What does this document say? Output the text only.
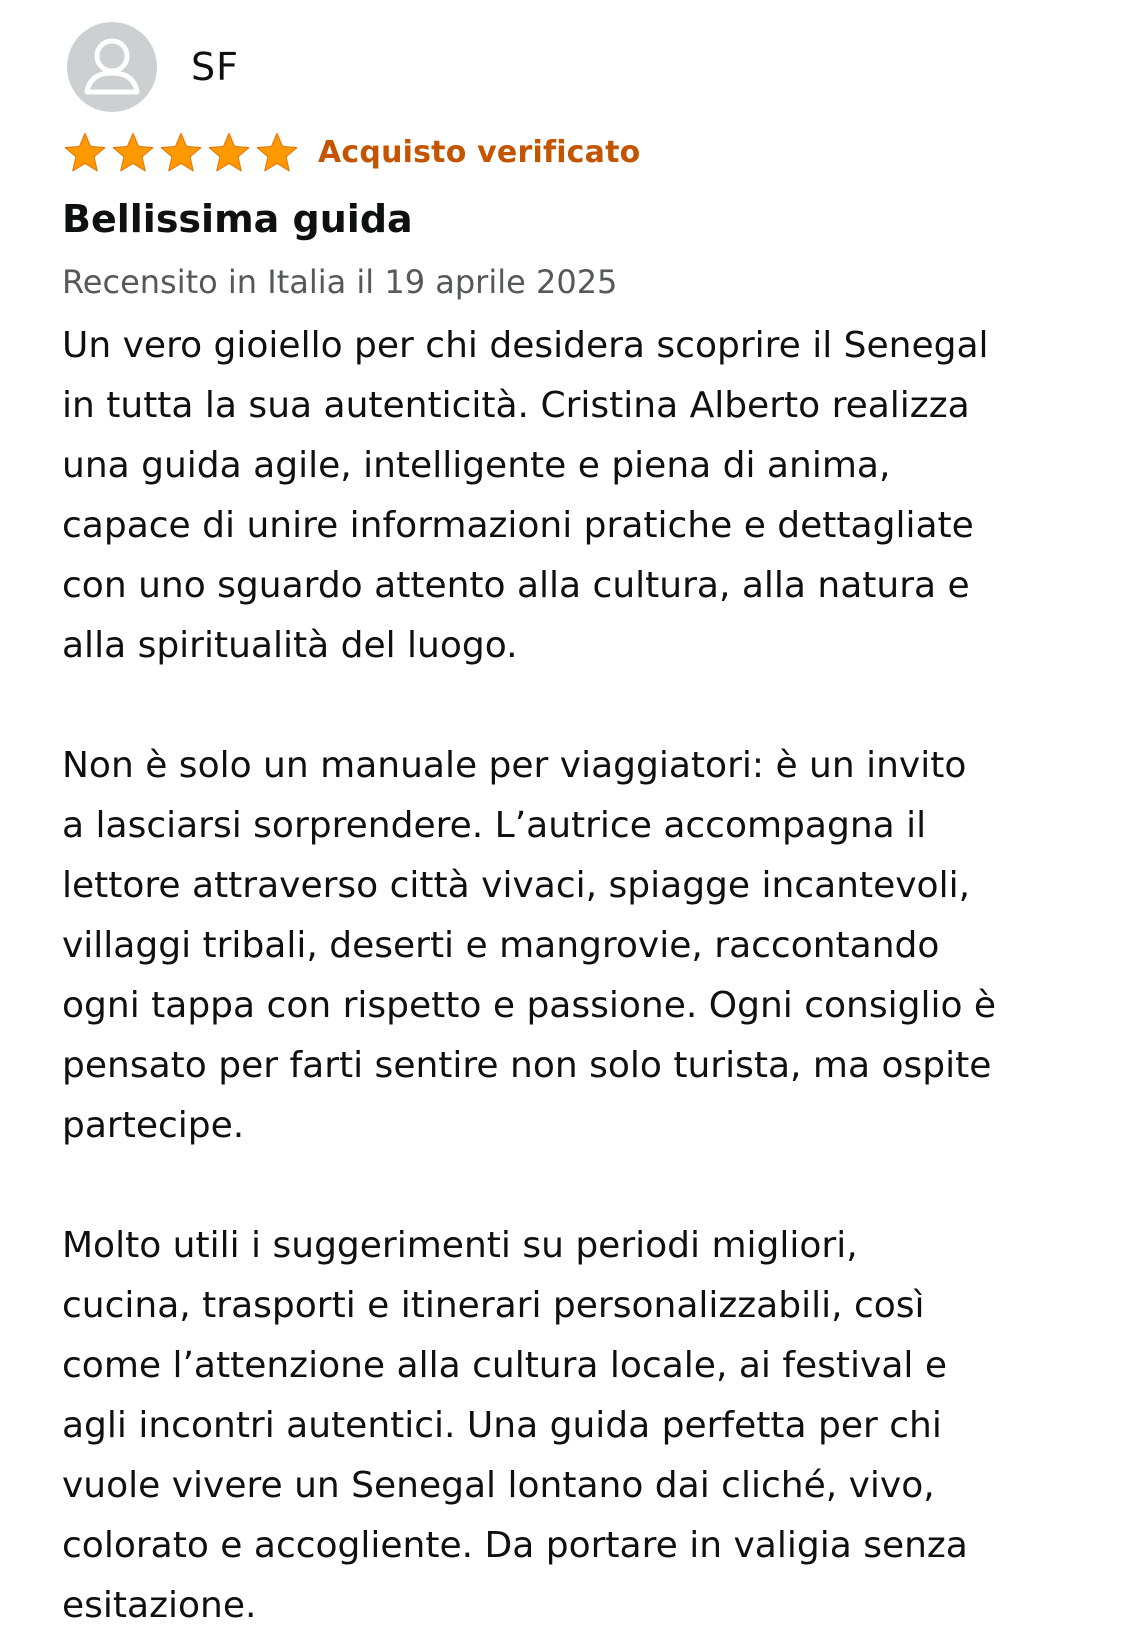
SF
Acquisto verificato
Bellissima guida
Recensito in Italia il 19 aprile 2025

Un vero gioiello per chi desidera scoprire il Senegal
in tutta la sua autenticità. Cristina Alberto realizza
una guida agile, intelligente e piena di anima,
capace di unire informazioni pratiche e dettagliate
con uno sguardo attento alla cultura, alla natura e
alla spiritualità del luogo.

Non è solo un manuale per viaggiatori: è un invito
a lasciarsi sorprendere. L’autrice accompagna il
lettore attraverso città vivaci, spiagge incantevoli,
villaggi tribali, deserti e mangrovie, raccontando
ogni tappa con rispetto e passione. Ogni consiglio è
pensato per farti sentire non solo turista, ma ospite
partecipe.

Molto utili i suggerimenti su periodi migliori,
cucina, trasporti e itinerari personalizzabili, così
come l’attenzione alla cultura locale, ai festival e
agli incontri autentici. Una guida perfetta per chi
vuole vivere un Senegal lontano dai cliché, vivo,
colorato e accogliente. Da portare in valigia senza
esitazione.
